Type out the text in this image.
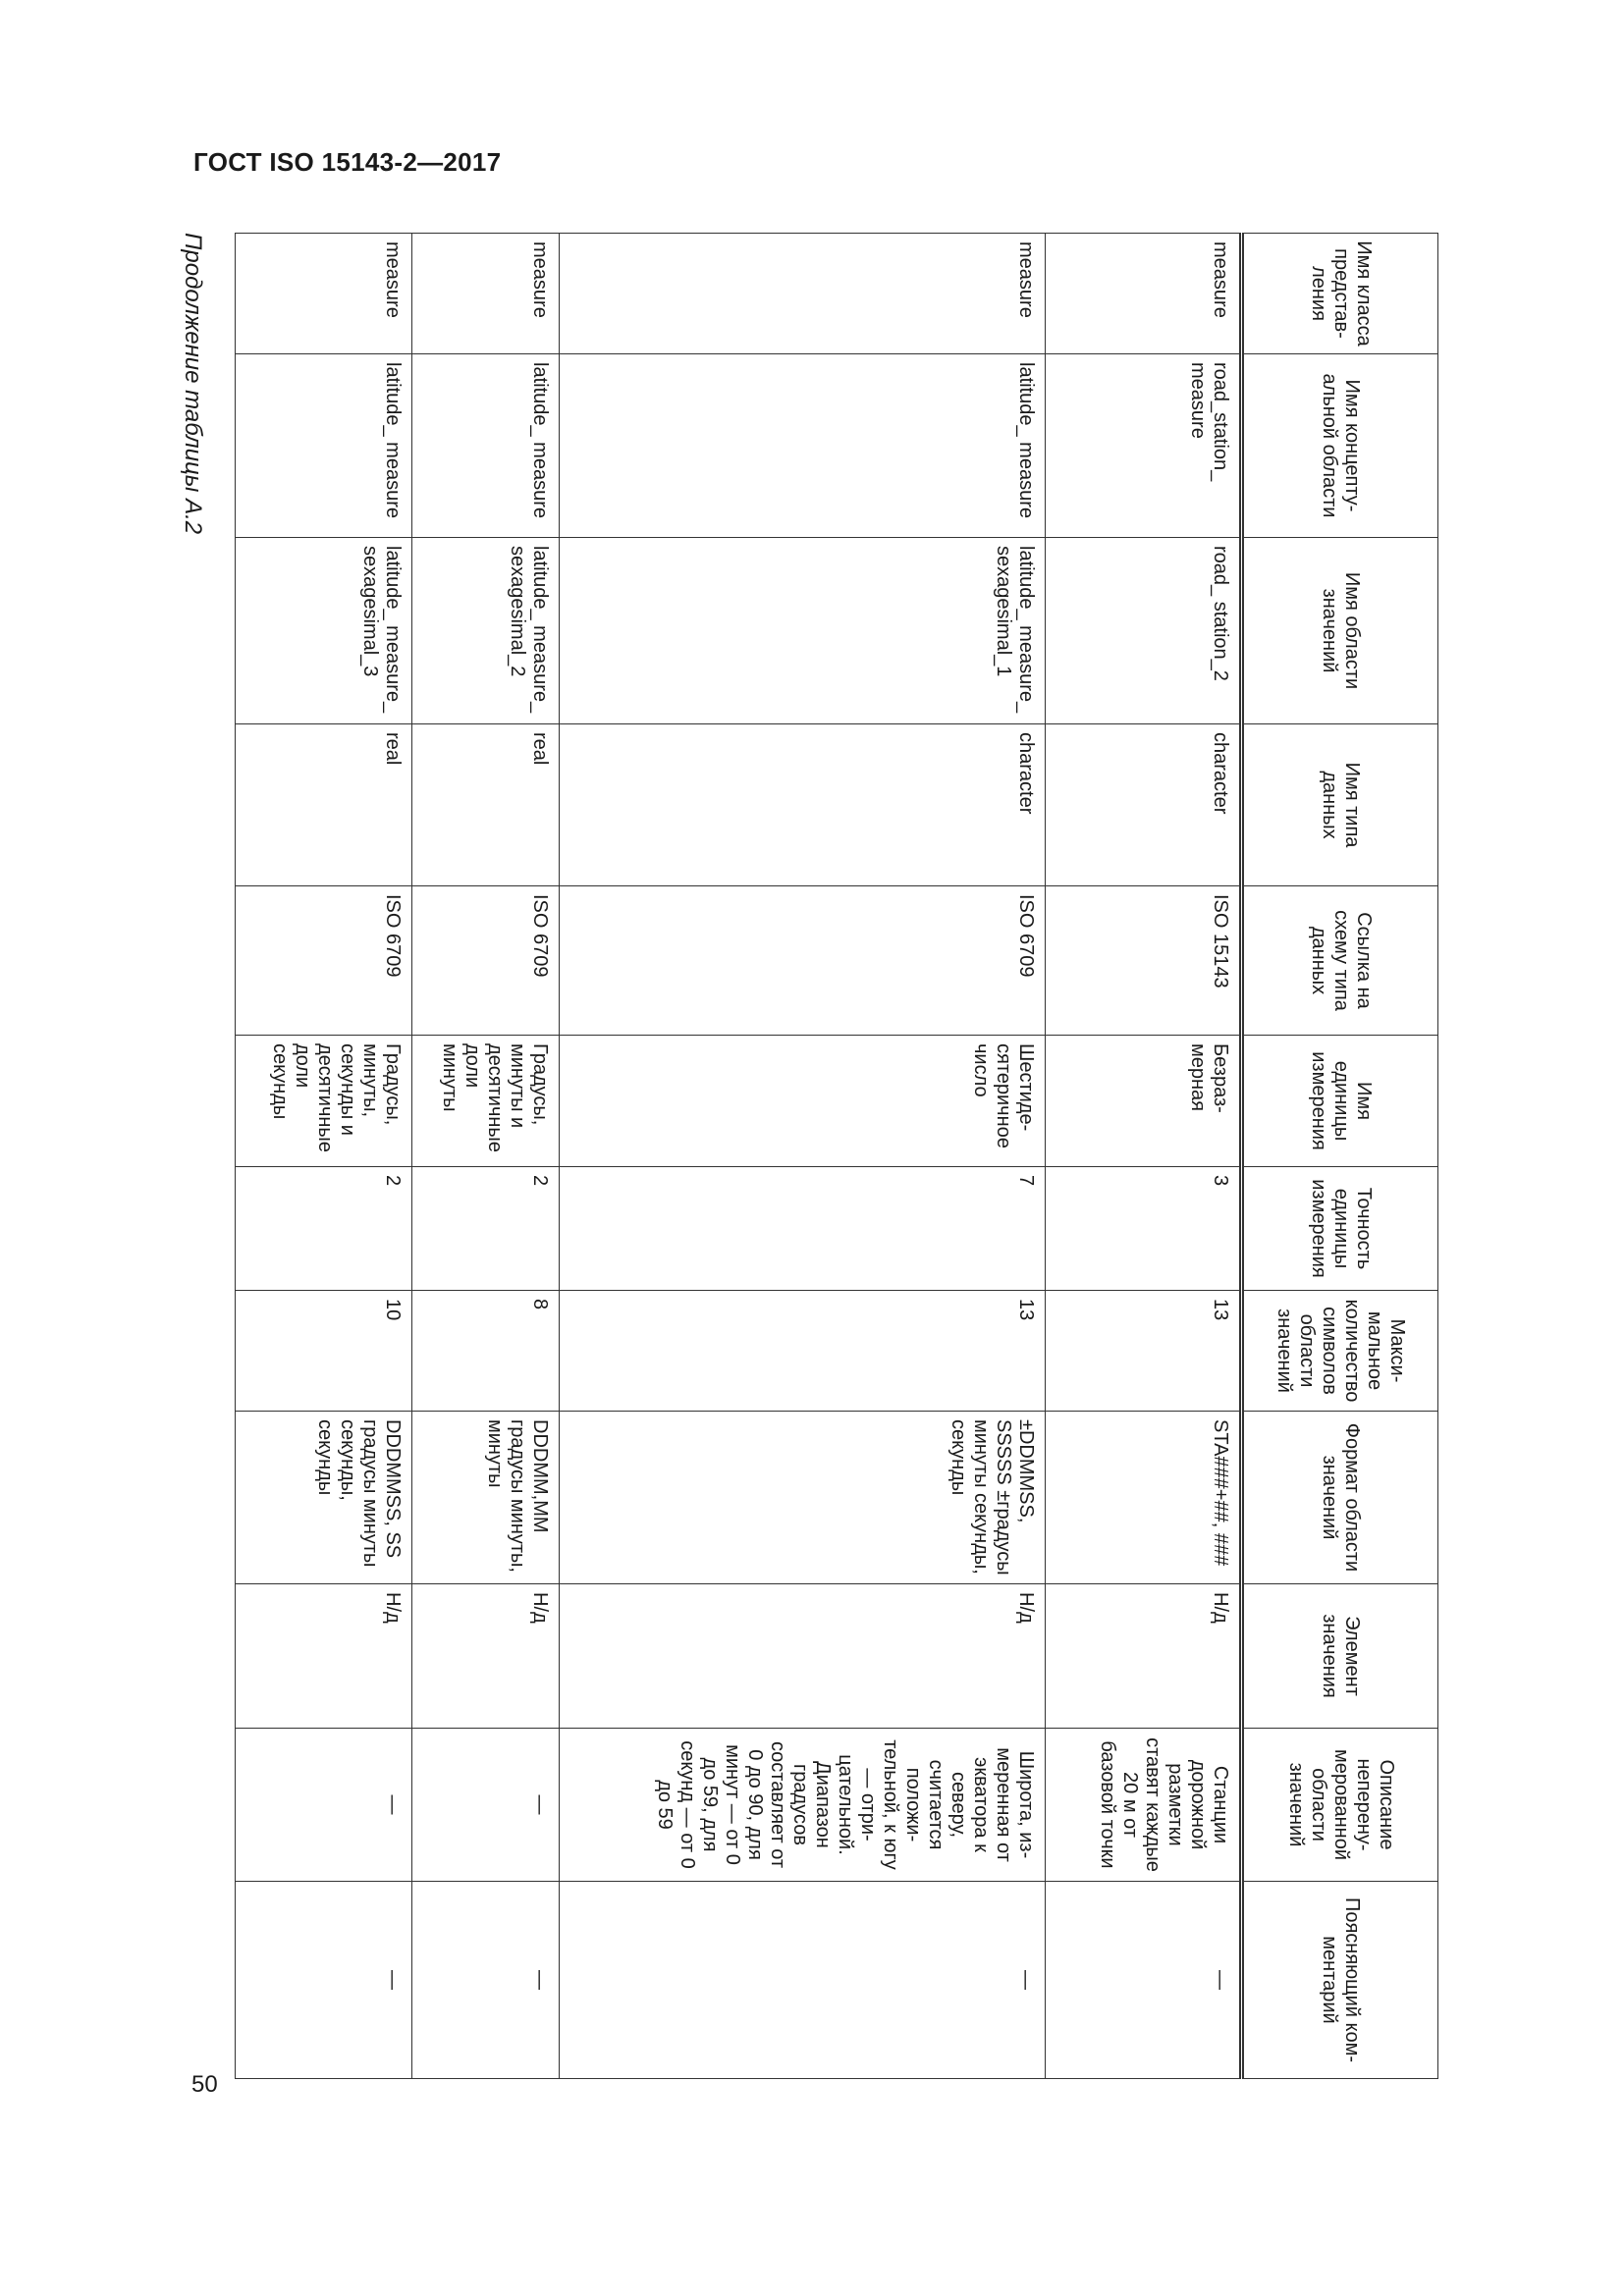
ГОСТ ISO 15143-2—2017
Имя класса представления	Имя концептуальной области	Имя области значений	Имя типа данных	Ссылка на схему типа данных	Имя единицы измерения	Точность единицы измерения	Максимальное количество символов области значений	Формат области значений	Элемент значения	Описание неперенумерованной области значений	Поясняющий комментарий
measure	road_station_ measure	road_ station_2	character	ISO 15143	Безразмерная	3	13	STA###+##, ###	Н/д	Станции дорожной разметки ставят каждые 20 м от базовой точки	—
measure	latitude_ measure	latitude_ measure_ sexagesimal_1	character	ISO 6709	Шестидесятеричное число	7	13	±DDMMSS, SSSSS ±градусы минуты секунды, секунды	Н/д	Широта, измеренная от экватора к северу, считается положительной, к югу — отрицательной. Диапазон градусов составляет от 0 до 90, для минут — от 0 до 59, для секунд — от 0 до 59	—
measure	latitude_ measure	latitude_ measure_ sexagesimal_2	real	ISO 6709	Градусы, минуты и десятичные доли минуты	2	8	DDDMM,MM градусы минуты, минуты	Н/д	—	—
measure	latitude_ measure	latitude_ measure_ sexagesimal_3	real	ISO 6709	Градусы, минуты, секунды и десятичные доли секунды	2	10	DDDMMSS, SS градусы минуты секунды, секунды	Н/д	—	—
Продолжение таблицы А.2
50
